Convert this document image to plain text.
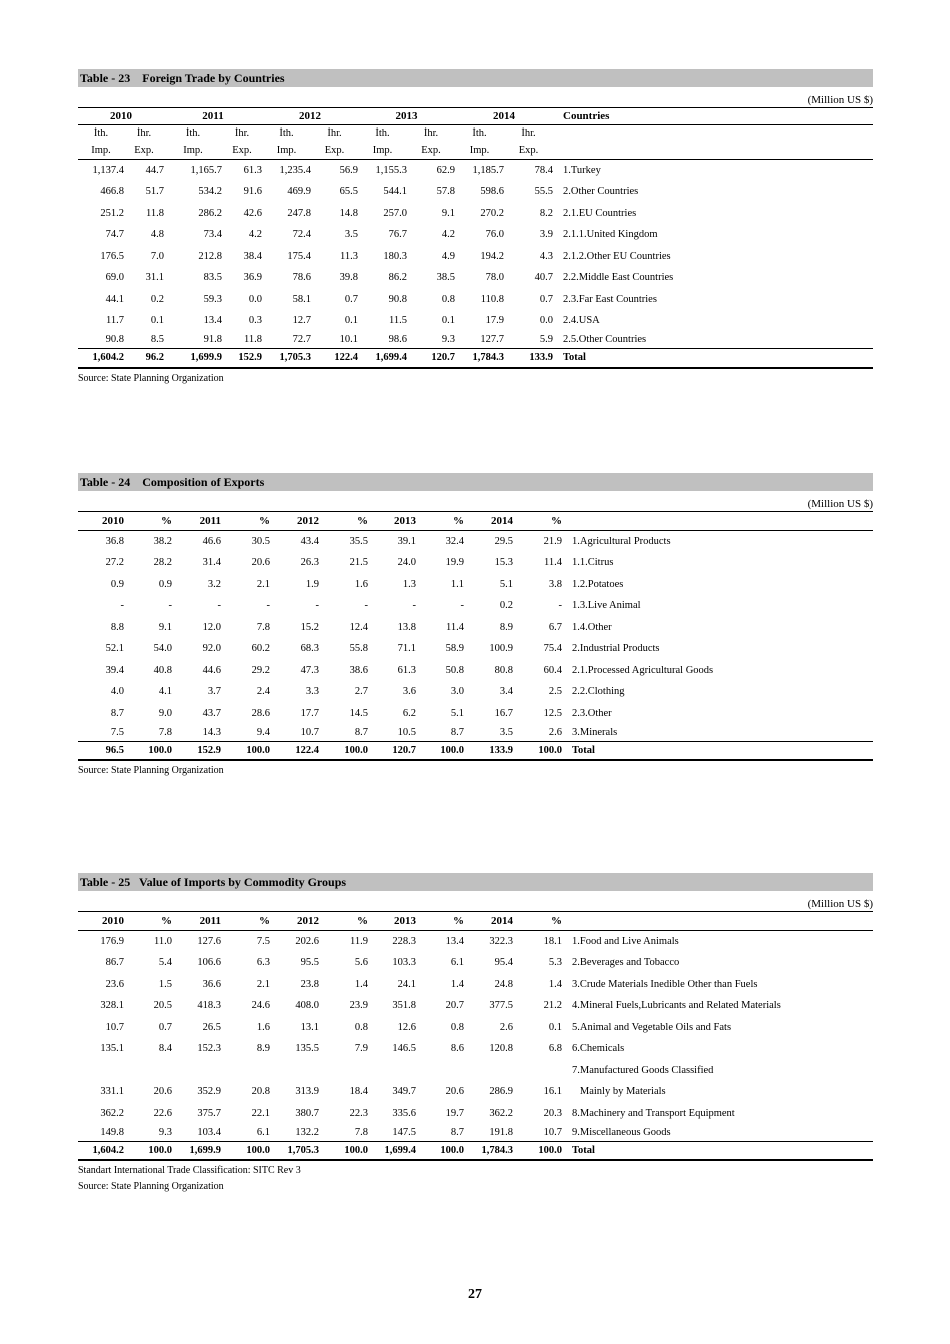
Table - 23    Foreign Trade by Countries
(Million US $)
2010		2011		2012		2013		2014		Countries
İth.	İhr.	İth.	İhr.	İth.	İhr.	İth.	İhr.	İth.	İhr.	
Imp.	Exp.	Imp.	Exp.	Imp.	Exp.	Imp.	Exp.	Imp.	Exp.	
1,137.4	44.7	1,165.7	61.3	1,235.4	56.9	1,155.3	62.9	1,185.7	78.4	1.Turkey
466.8	51.7	534.2	91.6	469.9	65.5	544.1	57.8	598.6	55.5	2.Other Countries
251.2	11.8	286.2	42.6	247.8	14.8	257.0	9.1	270.2	8.2	2.1.EU Countries
74.7	4.8	73.4	4.2	72.4	3.5	76.7	4.2	76.0	3.9	2.1.1.United Kingdom
176.5	7.0	212.8	38.4	175.4	11.3	180.3	4.9	194.2	4.3	2.1.2.Other EU Countries
69.0	31.1	83.5	36.9	78.6	39.8	86.2	38.5	78.0	40.7	2.2.Middle East Countries
44.1	0.2	59.3	0.0	58.1	0.7	90.8	0.8	110.8	0.7	2.3.Far East Countries
11.7	0.1	13.4	0.3	12.7	0.1	11.5	0.1	17.9	0.0	2.4.USA
90.8	8.5	91.8	11.8	72.7	10.1	98.6	9.3	127.7	5.9	2.5.Other Countries
1,604.2	96.2	1,699.9	152.9	1,705.3	122.4	1,699.4	120.7	1,784.3	133.9	Total
Source: State Planning Organization
Table - 24    Composition of Exports
(Million US $)
2010	%	2011	%	2012	%	2013	%	2014	%	
36.8	38.2	46.6	30.5	43.4	35.5	39.1	32.4	29.5	21.9	1.Agricultural Products
27.2	28.2	31.4	20.6	26.3	21.5	24.0	19.9	15.3	11.4	1.1.Citrus
0.9	0.9	3.2	2.1	1.9	1.6	1.3	1.1	5.1	3.8	1.2.Potatoes
-	-	-	-	-	-	-	-	0.2	-	1.3.Live Animal
8.8	9.1	12.0	7.8	15.2	12.4	13.8	11.4	8.9	6.7	1.4.Other
52.1	54.0	92.0	60.2	68.3	55.8	71.1	58.9	100.9	75.4	2.Industrial Products
39.4	40.8	44.6	29.2	47.3	38.6	61.3	50.8	80.8	60.4	2.1.Processed Agricultural Goods
4.0	4.1	3.7	2.4	3.3	2.7	3.6	3.0	3.4	2.5	2.2.Clothing
8.7	9.0	43.7	28.6	17.7	14.5	6.2	5.1	16.7	12.5	2.3.Other
7.5	7.8	14.3	9.4	10.7	8.7	10.5	8.7	3.5	2.6	3.Minerals
96.5	100.0	152.9	100.0	122.4	100.0	120.7	100.0	133.9	100.0	Total
Source: State Planning Organization
Table - 25   Value of Imports by Commodity Groups
(Million US $)
2010	%	2011	%	2012	%	2013	%	2014	%	
176.9	11.0	127.6	7.5	202.6	11.9	228.3	13.4	322.3	18.1	1.Food and Live Animals
86.7	5.4	106.6	6.3	95.5	5.6	103.3	6.1	95.4	5.3	2.Beverages and Tobacco
23.6	1.5	36.6	2.1	23.8	1.4	24.1	1.4	24.8	1.4	3.Crude Materials Inedible Other than Fuels
328.1	20.5	418.3	24.6	408.0	23.9	351.8	20.7	377.5	21.2	4.Mineral Fuels,Lubricants and Related Materials
10.7	0.7	26.5	1.6	13.1	0.8	12.6	0.8	2.6	0.1	5.Animal and Vegetable Oils and Fats
135.1	8.4	152.3	8.9	135.5	7.9	146.5	8.6	120.8	6.8	6.Chemicals
										7.Manufactured Goods Classified
331.1	20.6	352.9	20.8	313.9	18.4	349.7	20.6	286.9	16.1	Mainly by Materials
362.2	22.6	375.7	22.1	380.7	22.3	335.6	19.7	362.2	20.3	8.Machinery and Transport Equipment
149.8	9.3	103.4	6.1	132.2	7.8	147.5	8.7	191.8	10.7	9.Miscellaneous Goods
1,604.2	100.0	1,699.9	100.0	1,705.3	100.0	1,699.4	100.0	1,784.3	100.0	Total
Standart International Trade Classification: SITC Rev 3
Source: State Planning Organization
27
